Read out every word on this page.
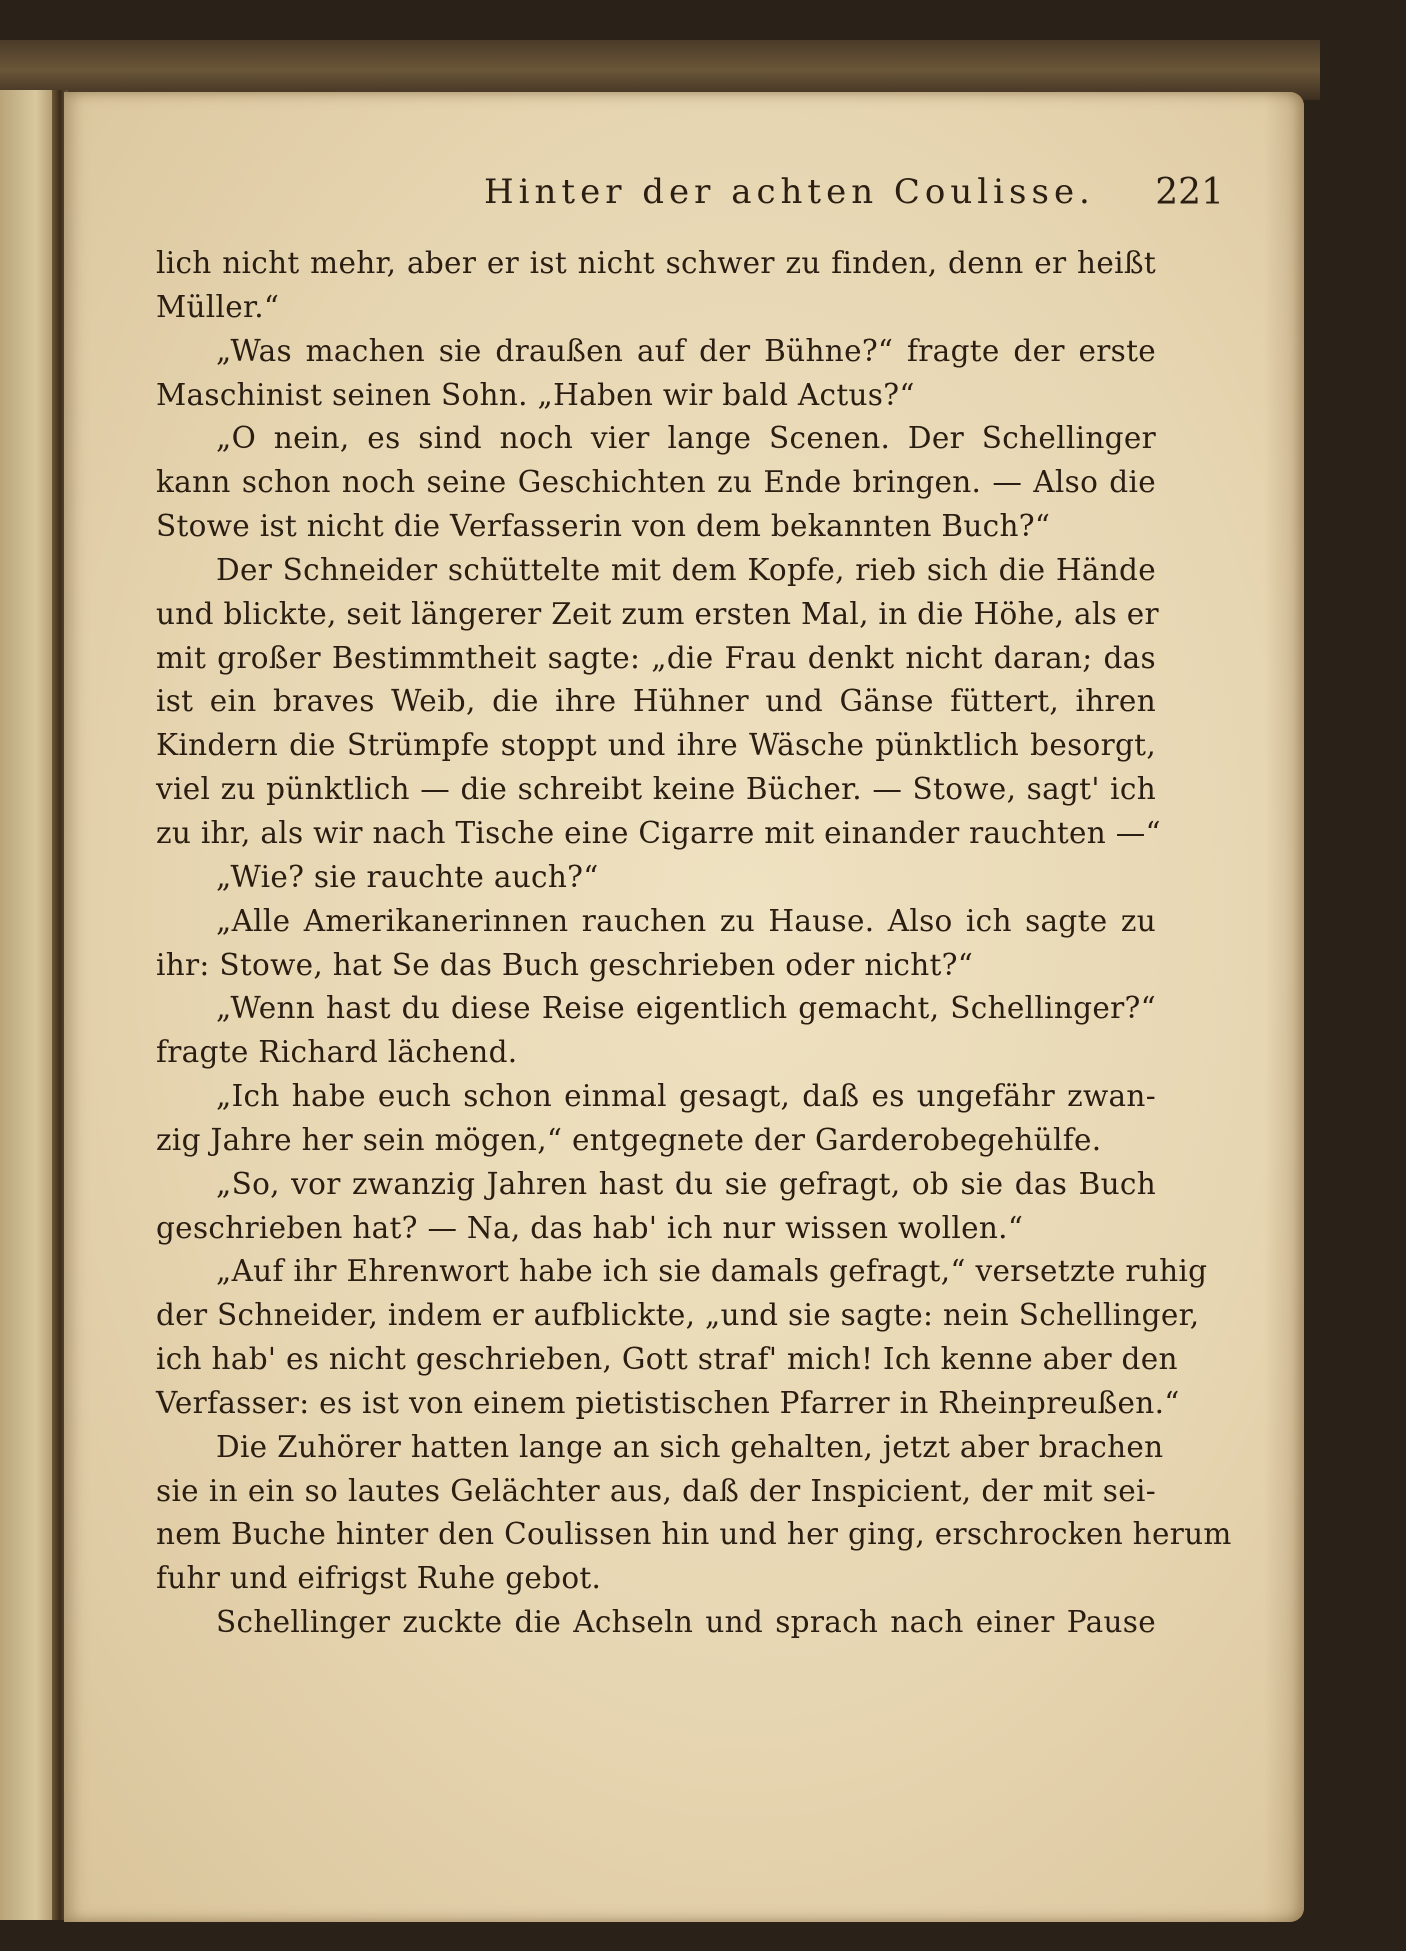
Hinter der achten Coulisse. 221
lich nicht mehr, aber er ist nicht schwer zu finden, denn er heißt
Müller.“
„Was machen sie draußen auf der Bühne?“ fragte der erste
Maschinist seinen Sohn. „Haben wir bald Actus?“
„O nein, es sind noch vier lange Scenen. Der Schellinger
kann schon noch seine Geschichten zu Ende bringen. — Also die
Stowe ist nicht die Verfasserin von dem bekannten Buch?“
Der Schneider schüttelte mit dem Kopfe, rieb sich die Hände
und blickte, seit längerer Zeit zum ersten Mal, in die Höhe, als er
mit großer Bestimmtheit sagte: „die Frau denkt nicht daran; das
ist ein braves Weib, die ihre Hühner und Gänse füttert, ihren
Kindern die Strümpfe stoppt und ihre Wäsche pünktlich besorgt,
viel zu pünktlich — die schreibt keine Bücher. — Stowe, sagt' ich
zu ihr, als wir nach Tische eine Cigarre mit einander rauchten —“
„Wie? sie rauchte auch?“
„Alle Amerikanerinnen rauchen zu Hause. Also ich sagte zu
ihr: Stowe, hat Se das Buch geschrieben oder nicht?“
„Wenn hast du diese Reise eigentlich gemacht, Schellinger?“
fragte Richard lächend.
„Ich habe euch schon einmal gesagt, daß es ungefähr zwan-
zig Jahre her sein mögen,“ entgegnete der Garderobegehülfe.
„So, vor zwanzig Jahren hast du sie gefragt, ob sie das Buch
geschrieben hat? — Na, das hab' ich nur wissen wollen.“
„Auf ihr Ehrenwort habe ich sie damals gefragt,“ versetzte ruhig
der Schneider, indem er aufblickte, „und sie sagte: nein Schellinger,
ich hab' es nicht geschrieben, Gott straf' mich! Ich kenne aber den
Verfasser: es ist von einem pietistischen Pfarrer in Rheinpreußen.“
Die Zuhörer hatten lange an sich gehalten, jetzt aber brachen
sie in ein so lautes Gelächter aus, daß der Inspicient, der mit sei-
nem Buche hinter den Coulissen hin und her ging, erschrocken herum
fuhr und eifrigst Ruhe gebot.
Schellinger zuckte die Achseln und sprach nach einer Pause
